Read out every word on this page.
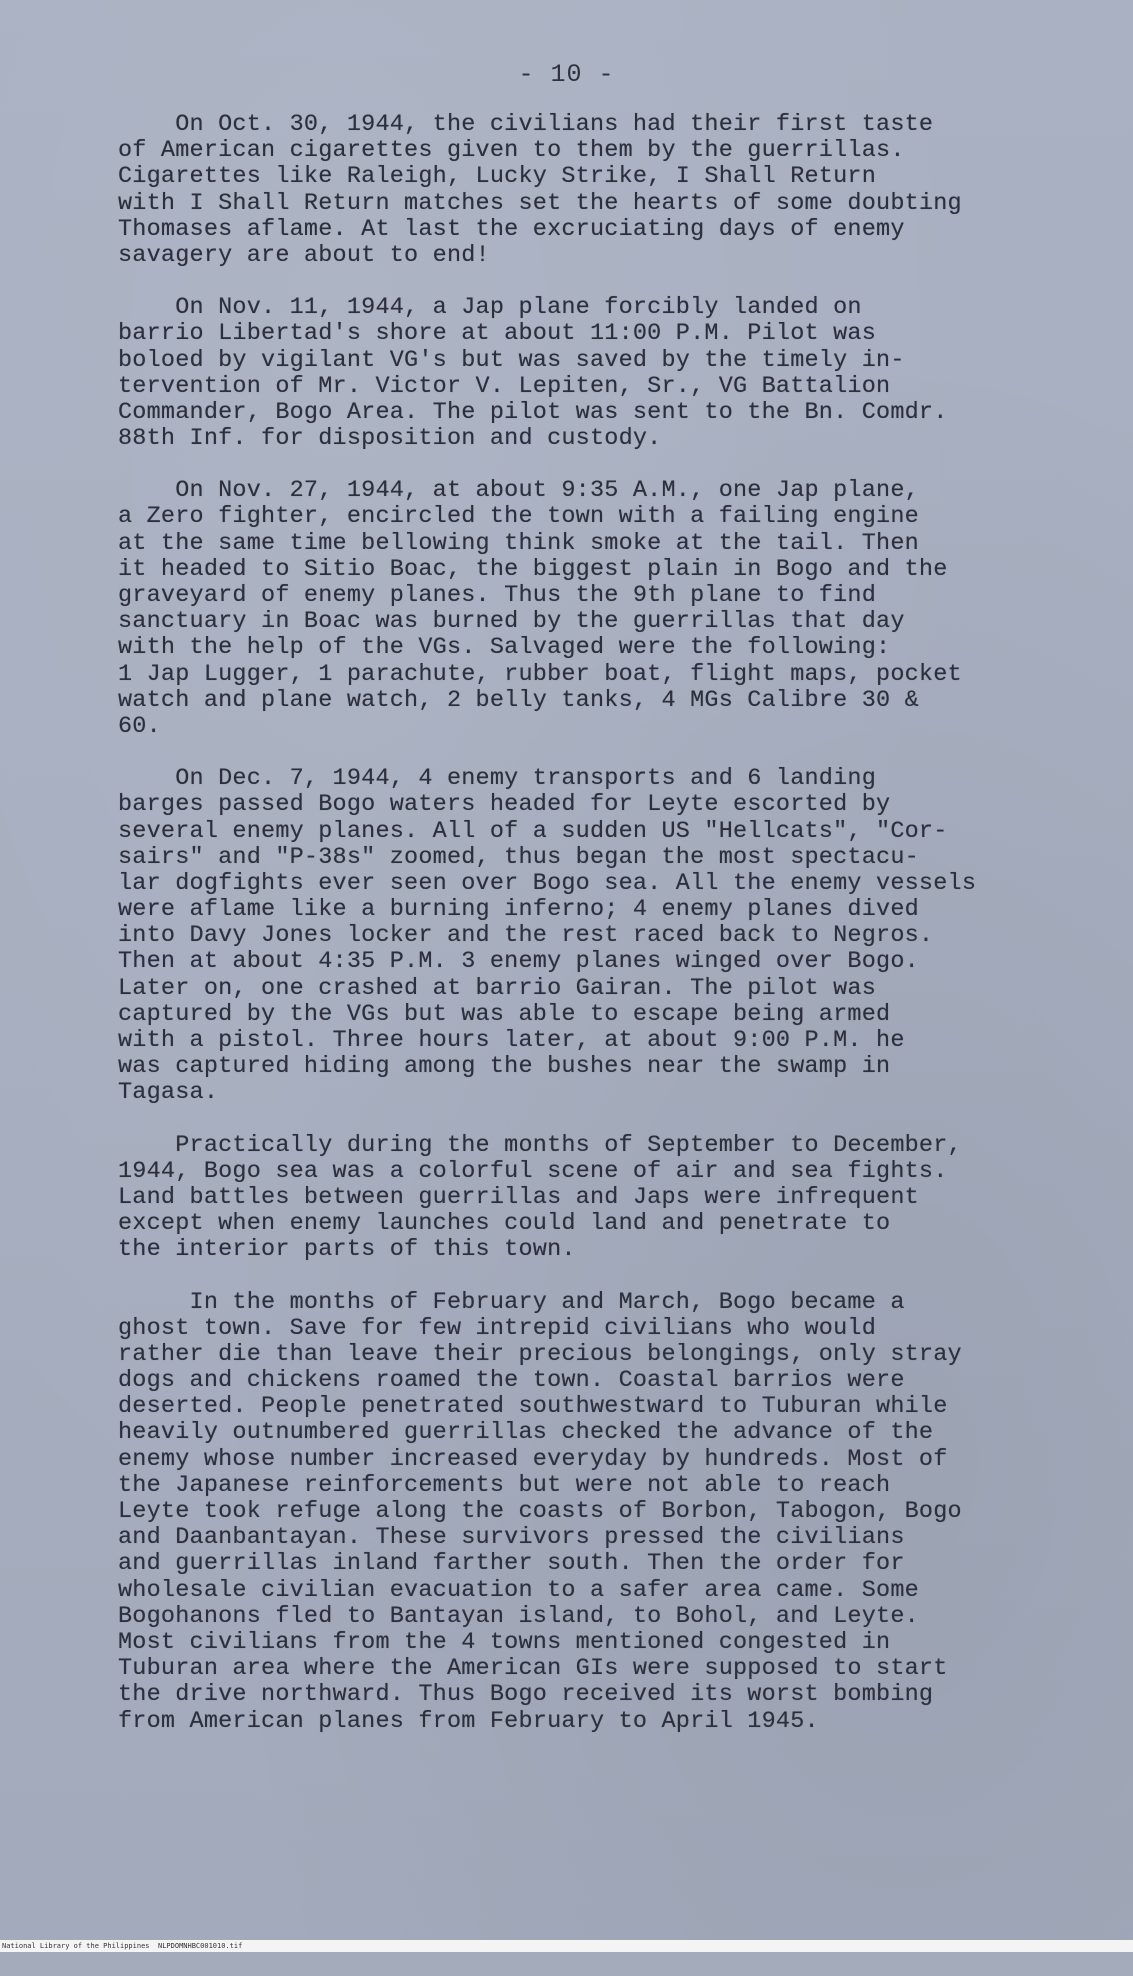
- 10 -
On Oct. 30, 1944, the civilians had their first taste
of American cigarettes given to them by the guerrillas.
Cigarettes like Raleigh, Lucky Strike, I Shall Return
with I Shall Return matches set the hearts of some doubting
Thomases aflame. At last the excruciating days of enemy
savagery are about to end!
On Nov. 11, 1944, a Jap plane forcibly landed on
barrio Libertad's shore at about 11:00 P.M. Pilot was
boloed by vigilant VG's but was saved by the timely in-
tervention of Mr. Victor V. Lepiten, Sr., VG Battalion
Commander, Bogo Area. The pilot was sent to the Bn. Comdr.
88th Inf. for disposition and custody.
On Nov. 27, 1944, at about 9:35 A.M., one Jap plane,
a Zero fighter, encircled the town with a failing engine
at the same time bellowing think smoke at the tail. Then
it headed to Sitio Boac, the biggest plain in Bogo and the
graveyard of enemy planes. Thus the 9th plane to find
sanctuary in Boac was burned by the guerrillas that day
with the help of the VGs. Salvaged were the following:
1 Jap Lugger, 1 parachute, rubber boat, flight maps, pocket
watch and plane watch, 2 belly tanks, 4 MGs Calibre 30 &
60.
On Dec. 7, 1944, 4 enemy transports and 6 landing
barges passed Bogo waters headed for Leyte escorted by
several enemy planes. All of a sudden US "Hellcats", "Cor-
sairs" and "P-38s" zoomed, thus began the most spectacu-
lar dogfights ever seen over Bogo sea. All the enemy vessels
were aflame like a burning inferno; 4 enemy planes dived
into Davy Jones locker and the rest raced back to Negros.
Then at about 4:35 P.M. 3 enemy planes winged over Bogo.
Later on, one crashed at barrio Gairan. The pilot was
captured by the VGs but was able to escape being armed
with a pistol. Three hours later, at about 9:00 P.M. he
was captured hiding among the bushes near the swamp in
Tagasa.
Practically during the months of September to December,
1944, Bogo sea was a colorful scene of air and sea fights.
Land battles between guerrillas and Japs were infrequent
except when enemy launches could land and penetrate to
the interior parts of this town.
In the months of February and March, Bogo became a
ghost town. Save for few intrepid civilians who would
rather die than leave their precious belongings, only stray
dogs and chickens roamed the town. Coastal barrios were
deserted. People penetrated southwestward to Tuburan while
heavily outnumbered guerrillas checked the advance of the
enemy whose number increased everyday by hundreds. Most of
the Japanese reinforcements but were not able to reach
Leyte took refuge along the coasts of Borbon, Tabogon, Bogo
and Daanbantayan. These survivors pressed the civilians
and guerrillas inland farther south. Then the order for
wholesale civilian evacuation to a safer area came. Some
Bogohanons fled to Bantayan island, to Bohol, and Leyte.
Most civilians from the 4 towns mentioned congested in
Tuburan area where the American GIs were supposed to start
the drive northward. Thus Bogo received its worst bombing
from American planes from February to April 1945.

National Library of the Philippines

NLPDOMNHBC001010.tif
